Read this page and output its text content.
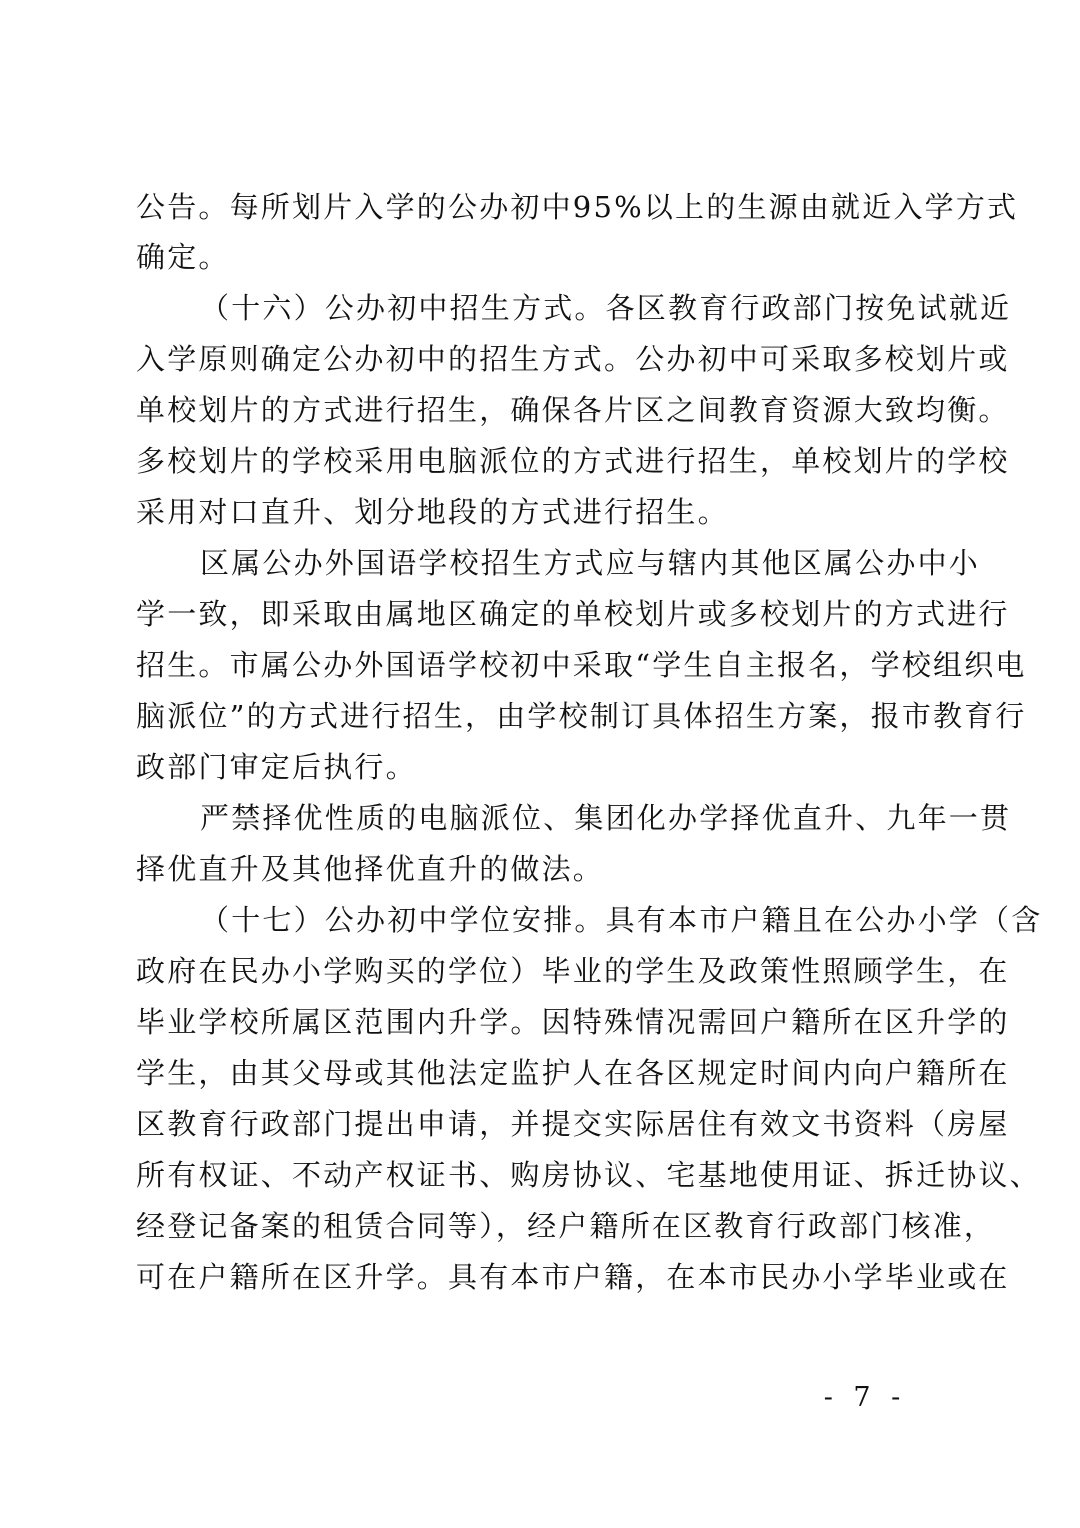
公告。每所划片入学的公办初中95%以上的生源由就近入学方式
确定。
（十六）公办初中招生方式。各区教育行政部门按免试就近
入学原则确定公办初中的招生方式。公办初中可采取多校划片或
单校划片的方式进行招生，确保各片区之间教育资源大致均衡。
多校划片的学校采用电脑派位的方式进行招生，单校划片的学校
采用对口直升、划分地段的方式进行招生。
区属公办外国语学校招生方式应与辖内其他区属公办中小
学一致，即采取由属地区确定的单校划片或多校划片的方式进行
招生。市属公办外国语学校初中采取“学生自主报名，学校组织电
脑派位”的方式进行招生，由学校制订具体招生方案，报市教育行
政部门审定后执行。
严禁择优性质的电脑派位、集团化办学择优直升、九年一贯
择优直升及其他择优直升的做法。
（十七）公办初中学位安排。具有本市户籍且在公办小学（含
政府在民办小学购买的学位）毕业的学生及政策性照顾学生，在
毕业学校所属区范围内升学。因特殊情况需回户籍所在区升学的
学生，由其父母或其他法定监护人在各区规定时间内向户籍所在
区教育行政部门提出申请，并提交实际居住有效文书资料（房屋
所有权证、不动产权证书、购房协议、宅基地使用证、拆迁协议、
经登记备案的租赁合同等），经户籍所在区教育行政部门核准，
可在户籍所在区升学。具有本市户籍，在本市民办小学毕业或在
- 7 -
